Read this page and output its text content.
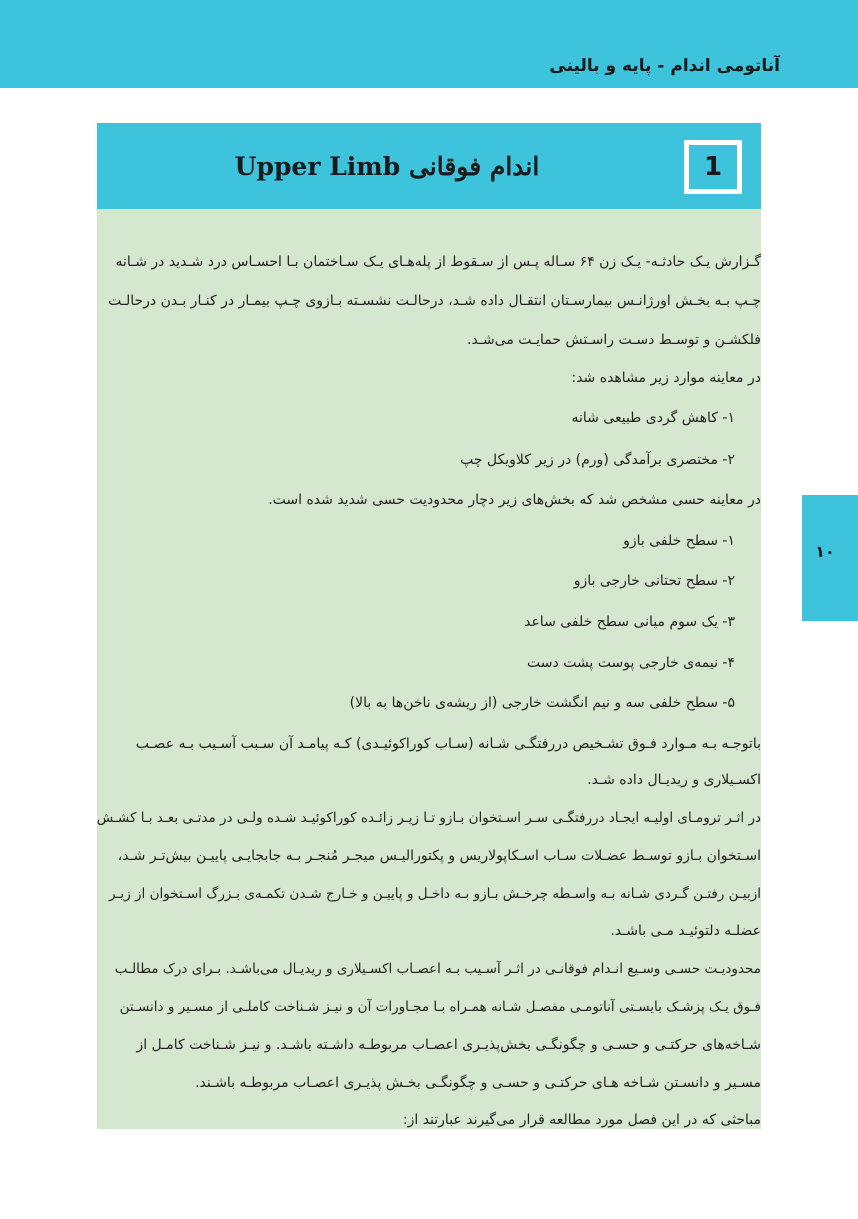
آناتومی اندام - پایه و بالینی
۱۰
اندام فوقانی Upper Limb	1
گـزارش یـک حادثـه- یـک زن ۶۴ سـاله پـس از سـقوط از پله‌هـای یـک سـاختمان بـا احسـاس درد شـدید در شـانه
چـپ بـه بخـش اورژانـس بیمارسـتان انتقـال داده شـد، درحالـت نشسـته بـازوی چـپ بیمـار در کنـار بـدن درحالـت
فلکشـن و توسـط دسـت راسـتش حمایـت می‌شـد.
در معاینه موارد زیر مشاهده شد:
۱- کاهش گردی طبیعی شانه
۲- مختصری برآمدگی (ورم) در زیر کلاویکل چپ
در معاینه حسی مشخص شد که بخش‌های زیر دچار محدودیت حسی شدید شده است.
۱- سطح خلفی بازو
۲- سطح تحتانی خارجی بازو
۳- یک سوم میانی سطح خلفی ساعد
۴- نیمه‌ی خارجی پوست پشت دست
۵- سطح خلفی سه و نیم انگشت خارجی (از ریشه‌ی ناخن‌ها به بالا)
باتوجـه بـه مـوارد فـوق تشـخیص دررفتگـی شـانه (سـاب کوراکوئیـدی) کـه پیامـد آن سـبب آسـیب بـه عصـب
اکسـیلاری و ریدیـال داده شـد.
در اثـر ترومـای اولیـه ایجـاد دررفتگـی سـر اسـتخوان بـازو تـا زیـر زائـده کوراکوئیـد شـده ولـی در مدتـی بعـد بـا کشـش
اسـتخوان بـازو توسـط عضـلات سـاب اسـکاپولاریس و پکتورالیـس میجـر مُنجـر بـه جابجایـی پاییـن بیش‌تـر شـد،
ازبیـن رفتـن گـردی شـانه بـه واسـطه چرخـش بـازو بـه داخـل و پاییـن و خـارج شـدن تکمـه‌ی بـزرگ اسـتخوان از زیـر
عضلـه دلتوئیـد مـی باشـد.
محدودیـت حسـی وسـیع انـدام فوقانـی در اثـر آسـیب بـه اعصـاب اکسـیلاری و ریدیـال می‌باشـد. بـرای درک مطالـب
فـوق یـک پزشـک بایسـتی آناتومـی مفصـل شـانه همـراه بـا مجـاورات آن و نیـز شـناخت کاملـی از مسـیر و دانسـتن
شـاخه‌های حرکتـی و حسـی و چگونگـی بخش‌پذیـری اعصـاب مربوطـه داشـته باشـد. و نیـز شـناخت کامـل از
مسـیر و دانسـتن شـاخه هـای حرکتـی و حسـی و چگونگـی بخـش پذیـری اعصـاب مربوطـه باشـند.
مباحثی که در این فصل مورد مطالعه قرار می‌گیرند عبارتند از:
